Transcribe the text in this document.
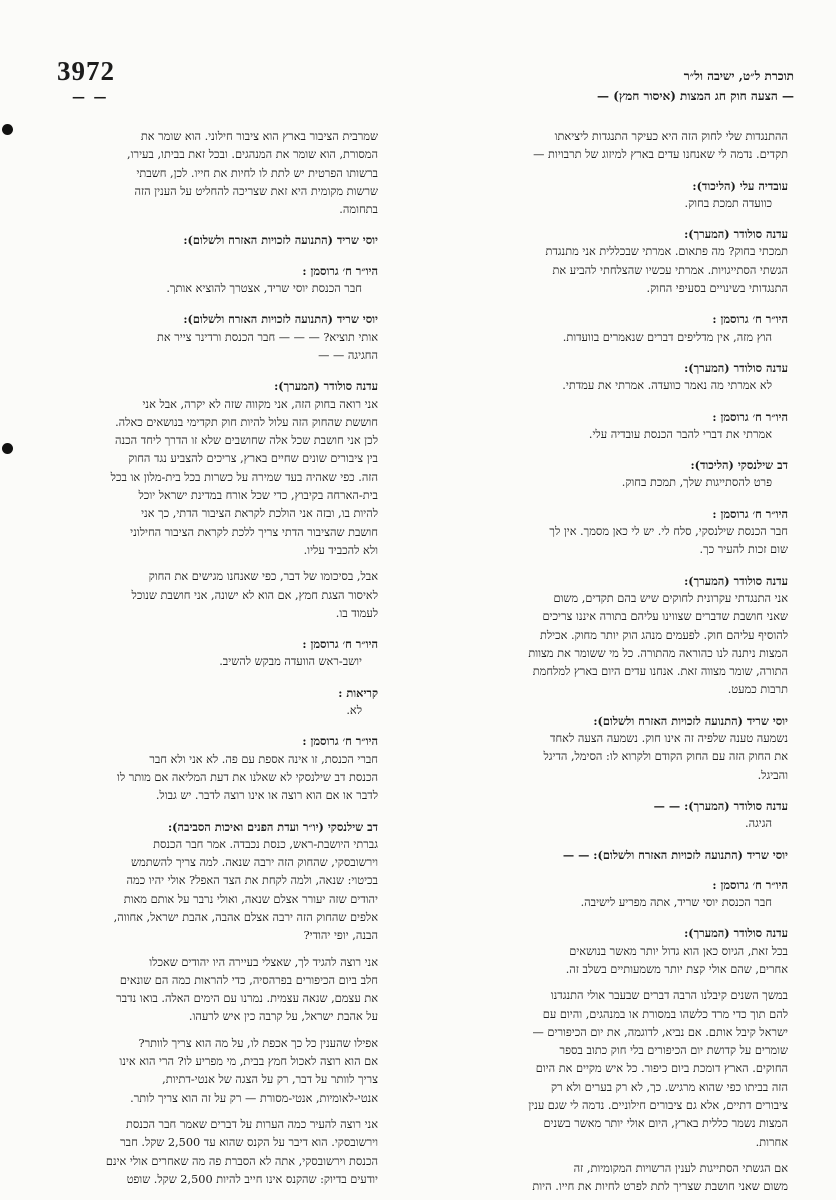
3972
— —
תוכרת ל״ט, ישיבה ול״ר
— הצעה חוק חג המצות (איסור חמץ) —
ההתנגדות שלי לחוק הזה היא כעיקר התנגדות ליציאתו
תקדים. נדמה לי שאנחנו עדים בארץ למיזוג של תרבויות —
עובדיה עלי (הליכוד):
כוועדה תמכת בחוק.
עדנה סולודר (המערך):
תמכתי בחוק? מה פתאום. אמרתי שבכללית אני מתנגדת
הגשתי הסתייגויות. אמרתי עכשיו שהצלחתי להביע את
התנגדותי בשינויים בסעיפי החוק.
היו״ר ח׳ גרוסמן :
הוץ מזה, אין מדליפים דברים שנאמרים בוועדות.
עדנה סולודר (המערך):
לא אמרתי מה נאמר כוועדה. אמרתי את עמדתי.
היו״ר ח׳ גרוסמן :
אמרתי את דברי להבר הכנסת עובדיה עלי.
דב שילנסקי (הליכוד):
פרט להסתייגות שלך, תמכת בחוק.
היו״ר ח׳ גרוסמן :
חבר הכנסת שילנסקי, סלח לי. יש לי כאן מסמך. אין לך
שום זכות להעיר כך.
עדנה סולודר (המערך):
אני התנגדתי עקרונית לחוקים שיש בהם תקדים, משום
שאני חושבת שדברים שצווינו עליהם בתורה איננו צריכים
להוסיף עליהם חוק. לפעמים מנהג הוק יותר מחוק. אכילת
המצות ניתנה לנו כהוראה מהתורה. כל מי ששומר את מצוות
התורה, שומר מצווה זאת. אנחנו עדים היום בארץ למלחמת
תרבות כמעט.
יוסי שריד (התנועה לזכויות האזרח ולשלום):
נשמעה טענה שלפיה זה אינו חוק. נשמעה הצעה לאחד
את החוק הזה עם החוק הקודם ולקרוא לו: הסימל, הדיגל
והביגל.
עדנה סולודר (המערך): — —
הגיגה.
יוסי שריד (התנועה לזכויות האזרח ולשלום): — —
היו״ר ח׳ גרוסמן :
חבר הכנסת יוסי שריד, אתה מפריע לישיבה.
עדנה סולודר (המערך):
בכל זאת, הגיוס כאן הוא גדול יותר מאשר בנושאים
אחרים, שהם אולי קצת יותר משמעותיים בשלב זה.
במשך השנים קיבלנו הרבה דברים שבעבר אולי התנגדנו
להם תוך כדי מרד כלשהו במסורת או במנהגים, והיום עם
ישראל קיבל אותם. אם נביא, לדוגמה, את יום הכיפורים —
שומרים על קדושת יום הכיפורים בלי חוק כתוב בספר
החוקים. הארץ דומכת ביום כיפור. כל איש מקיים את היום
הזה בביתו כפי שהוא מרגיש. כך, לא רק בערים ולא רק
ציבורים דתיים, אלא גם ציבורים חילוניים. נדמה לי שגם ענין
המצות נשמר כללית בארץ, היום אולי יותר מאשר בשנים
אחרות.
אם הגשתי הסתייגות לענין הרשויות המקומיות, זה
משום שאני חושבת שצריך לתת לפרט לחיות את חייו. היות
שמרבית הציבור בארץ הוא ציבור חילוני. הוא שומר את
המסורת, הוא שומר את המנהגים. ובכל זאת בביתו, בעירו,
ברשותו הפרטית יש לתת לו לחיות את חייו. לכן, חשבתי
שרשות מקומית היא זאת שצריכה להחליט על הענין הזה
בתחומה.
יוסי שריד (התנועה לזכויות האזרח ולשלום):
היו״ר ח׳ גרוסמן :
חבר הכנסת יוסי שריד, אצטרך להוציא אותך.
יוסי שריד (התנועה לזכויות האזרח ולשלום):
אותי תוציא? — — — חבר הכנסת ורדינר צייר את
החגיגה — —
עדנה סולודר (המערך):
אני רואה בחוק הזה, אני מקווה שזה לא יקרה, אבל אני
חוששת שהחוק הזה עלול להיות חוק תקדימי בנושאים כאלה.
לכן אני חושבת שכל אלה שחושבים שלא זו הדרך ליחד הכנה
בין ציבורים שונים שחיים בארץ, צריכים להצביע נגד החוק
הזה. כפי שאהיה בעד שמירה על כשרות בכל בית-מלון או בכל
בית-הארחה בקיבוץ, כדי שכל אורח במדינת ישראל יוכל
להיות בו, ובזה אני הולכת לקראת הציבור הדתי, כך אני
חושבת שהציבור הדתי צריך ללכת לקראת הציבור החילוני
ולא להכביד עליו.
אבל, בסיכומו של דבר, כפי שאנחנו מגישים את החוק
לאיסור הצגת חמץ, אם הוא לא ישונה, אני חושבת שנוכל
לעמוד בו.
היו״ר ח׳ גרוסמן :
יושב-ראש הוועדה מבקש להשיב.
קריאות :
לא.
היו״ר ח׳ גרוסמן :
חברי הכנסת, זו אינה אספת עם פה. לא אני ולא חבר
הכנסת דב שילנסקי לא שאלנו את דעת המליאה אם מותר לו
לדבר או אם הוא רוצה או אינו רוצה לדבר. יש גבול.
דב שילנסקי (יו״ר ועדת הפנים ואיכות הסביבה):
גברתי היושבת-ראש, כנסת נכבדה. אמר חבר הכנסת
וירשובסקי, שהחוק הזה ירבה שנאה. למה צריך להשתמש
בכיטוי: שנאה, ולמה לקחת את הצד האפל? אולי יהיו כמה
יהודים שזה יעורר אצלם שנאה, ואולי נרבר על אותם מאות
אלפים שהחוק הזה ירבה אצלם אהבה, אהבת ישראל, אחווה,
הבנה, יופי יהודי?
אני רוצה להגיד לך, שאצלי בעיירה היו יהודים שאכלו
חלב ביום הכיפורים בפרהסיה, כדי להראות כמה הם שונאים
את עצמם, שנאה עצמית. נמרנו עם הימים האלה. בואו נדבר
על אהבת ישראל, על קרבה כין איש לרעהו.
אפילו שהענין כל כך אכפת לו, על מה הוא צריך לוותר?
אם הוא רוצה לאכול חמץ בבית, מי מפריע לו? הרי הוא אינו
צריך לוותר על דבר, רק על הצגה של אנטי-דתיות,
אנטי-לאומיות, אנטי-מסורת — רק על זה הוא צריך לותר.
אני רוצה להעיר כמה הערות על דברים שאמר חבר הכנסת
וירשובסקי. הוא דיבר על הקנס שהוא עד 2,500 שקל. חבר
הכנסת וירשובסקי, אתה לא הסברת פה מה שאחרים אולי אינם
יודעים בדיוק: שהקנס אינו חייב להיות 2,500 שקל. שופט
